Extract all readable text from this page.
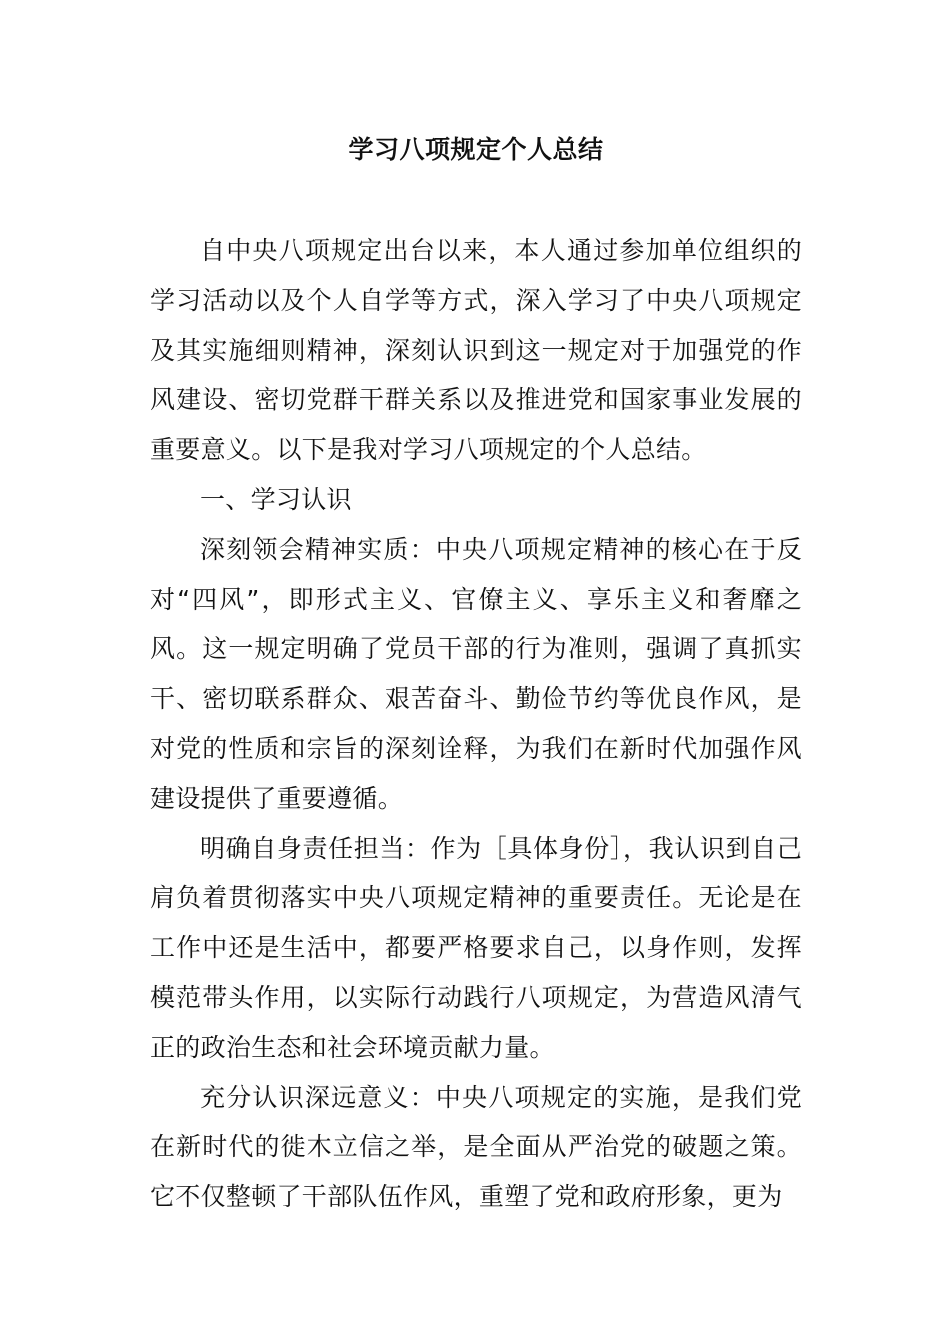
学习八项规定个人总结

自中央八项规定出台以来，本人通过参加单位组织的学习活动以及个人自学等方式，深入学习了中央八项规定及其实施细则精神，深刻认识到这一规定对于加强党的作风建设、密切党群干群关系以及推进党和国家事业发展的重要意义。以下是我对学习八项规定的个人总结。

一、学习认识

深刻领会精神实质：中央八项规定精神的核心在于反对“四风”，即形式主义、官僚主义、享乐主义和奢靡之风。这一规定明确了党员干部的行为准则，强调了真抓实干、密切联系群众、艰苦奋斗、勤俭节约等优良作风，是对党的性质和宗旨的深刻诠释，为我们在新时代加强作风建设提供了重要遵循。

明确自身责任担当：作为［具体身份］，我认识到自己肩负着贯彻落实中央八项规定精神的重要责任。无论是在工作中还是生活中，都要严格要求自己，以身作则，发挥模范带头作用，以实际行动践行八项规定，为营造风清气正的政治生态和社会环境贡献力量。

充分认识深远意义：中央八项规定的实施，是我们党在新时代的徙木立信之举，是全面从严治党的破题之策。它不仅整顿了干部队伍作风，重塑了党和政府形象，更为
